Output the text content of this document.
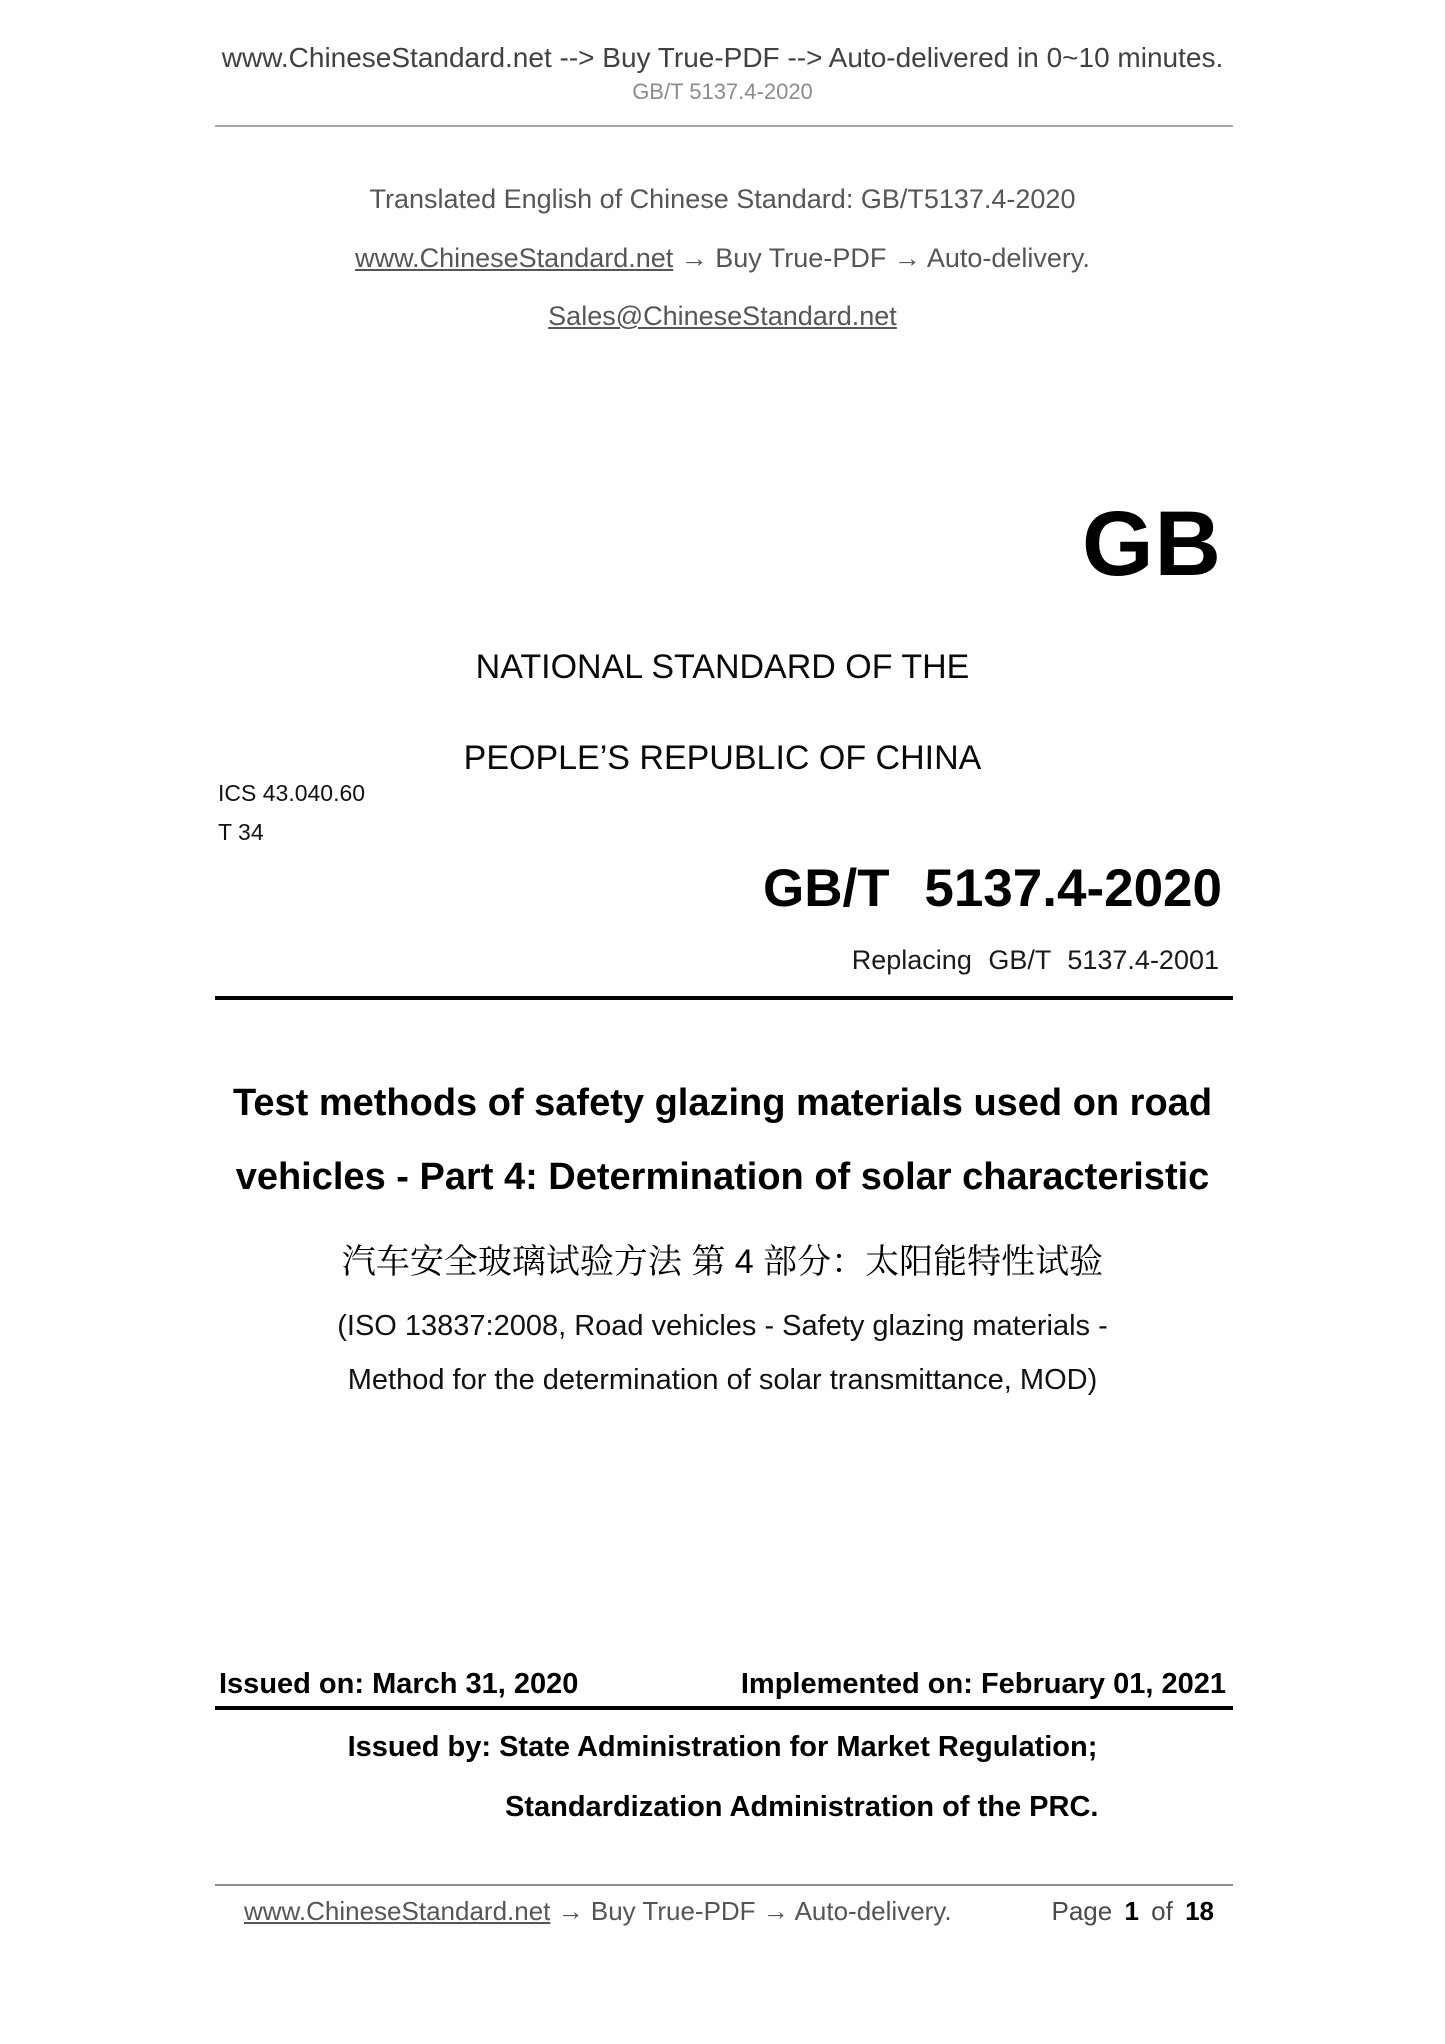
www.ChineseStandard.net --> Buy True-PDF --> Auto-delivered in 0~10 minutes.
GB/T 5137.4-2020
Translated English of Chinese Standard: GB/T5137.4-2020
www.ChineseStandard.net → Buy True-PDF → Auto-delivery.
Sales@ChineseStandard.net
GB
NATIONAL STANDARD OF THE
PEOPLE’S REPUBLIC OF CHINA
ICS 43.040.60
T 34
GB/T 5137.4-2020
Replacing GB/T 5137.4-2001
Test methods of safety glazing materials used on road
vehicles - Part 4: Determination of solar characteristic
汽车安全玻璃试验方法 第 4 部分：太阳能特性试验
(ISO 13837:2008, Road vehicles - Safety glazing materials -
Method for the determination of solar transmittance, MOD)
Issued on: March 31, 2020	Implemented on: February 01, 2021
Issued by: State Administration for Market Regulation;
Standardization Administration of the PRC.
www.ChineseStandard.net → Buy True-PDF → Auto-delivery.	Page 1 of 18
